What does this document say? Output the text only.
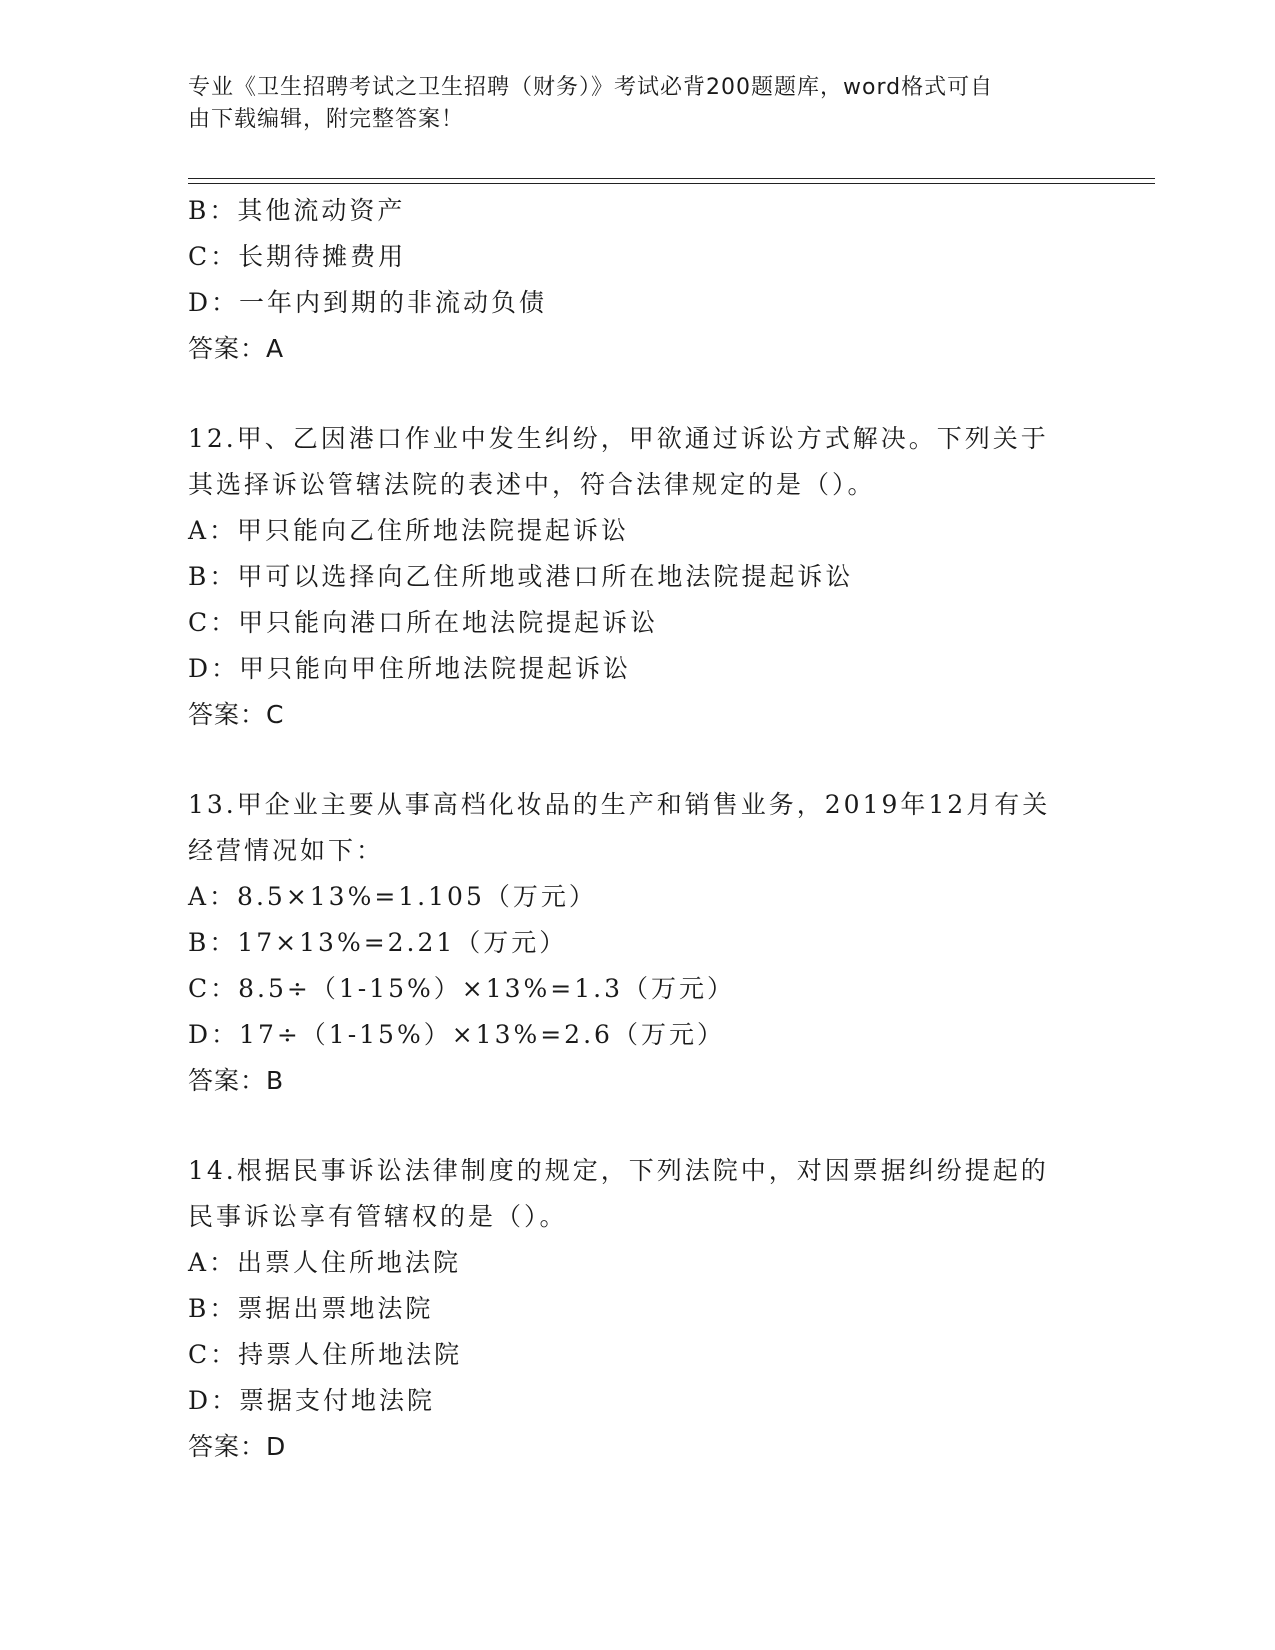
专业《卫生招聘考试之卫生招聘（财务）》考试必背200题题库，word格式可自
由下载编辑，附完整答案！
B：其他流动资产
C：长期待摊费用
D：一年内到期的非流动负债
答案：A
12.甲、乙因港口作业中发生纠纷，甲欲通过诉讼方式解决。下列关于
其选择诉讼管辖法院的表述中，符合法律规定的是（）。
A：甲只能向乙住所地法院提起诉讼
B：甲可以选择向乙住所地或港口所在地法院提起诉讼
C：甲只能向港口所在地法院提起诉讼
D：甲只能向甲住所地法院提起诉讼
答案：C
13.甲企业主要从事高档化妆品的生产和销售业务，2019年12月有关
经营情况如下：
A：8.5×13%=1.105（万元）
B：17×13%=2.21（万元）
C：8.5÷（1-15%）×13%=1.3（万元）
D：17÷（1-15%）×13%=2.6（万元）
答案：B
14.根据民事诉讼法律制度的规定，下列法院中，对因票据纠纷提起的
民事诉讼享有管辖权的是（）。
A：出票人住所地法院
B：票据出票地法院
C：持票人住所地法院
D：票据支付地法院
答案：D
